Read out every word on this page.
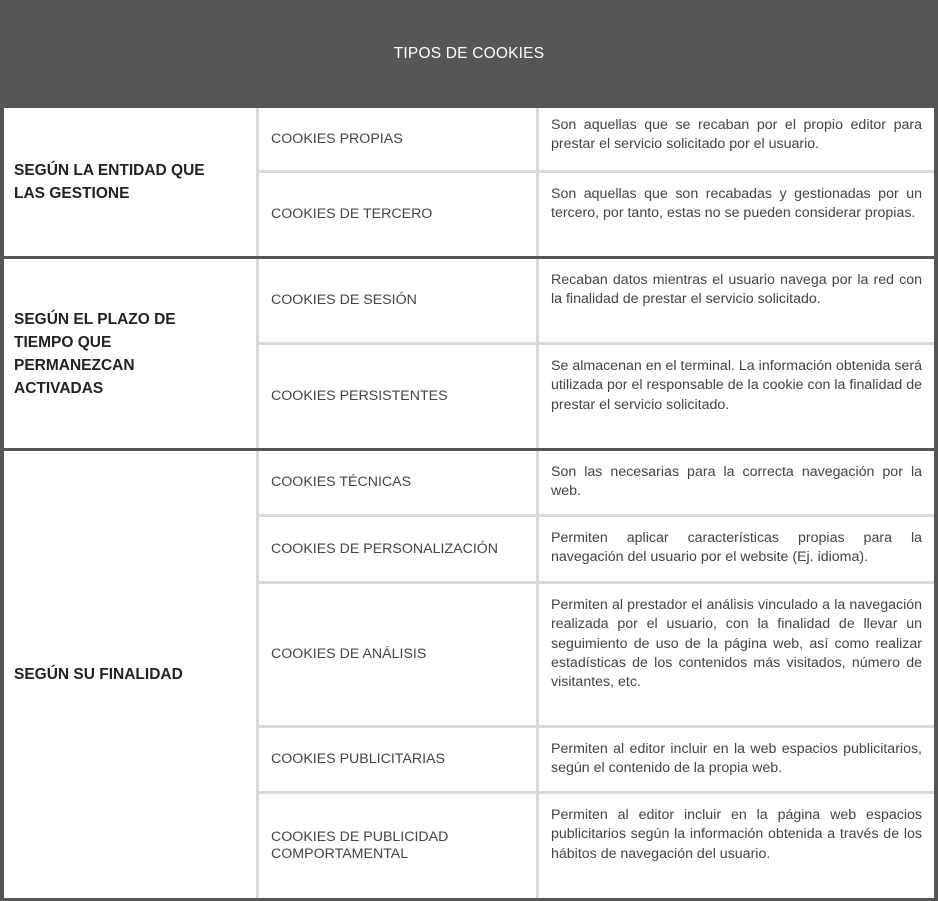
TIPOS DE COOKIES
SEGÚN LA ENTIDAD QUE LAS GESTIONE
COOKIES PROPIAS
Son aquellas que se recaban por el propio editor para prestar el servicio solicitado por el usuario.
COOKIES DE TERCERO
Son aquellas que son recabadas y gestionadas por un tercero, por tanto, estas no se pueden considerar propias.
SEGÚN EL PLAZO DE TIEMPO QUE PERMANEZCAN ACTIVADAS
COOKIES DE SESIÓN
Recaban datos mientras el usuario navega por la red con la finalidad de prestar el servicio solicitado.
COOKIES PERSISTENTES
Se almacenan en el terminal. La información obtenida será utilizada por el responsable de la cookie con la finalidad de prestar el servicio solicitado.
SEGÚN SU FINALIDAD
COOKIES TÉCNICAS
Son las necesarias para la correcta navegación por la web.
COOKIES DE PERSONALIZACIÓN
Permiten aplicar características propias para la navegación del usuario por el website (Ej. idioma).
COOKIES DE ANÁLISIS
Permiten al prestador el análisis vinculado a la navegación realizada por el usuario, con la finalidad de llevar un seguimiento de uso de la página web, así como realizar estadísticas de los contenidos más visitados, número de visitantes, etc.
COOKIES PUBLICITARIAS
Permiten al editor incluir en la web espacios publicitarios, según el contenido de la propia web.
COOKIES DE PUBLICIDAD COMPORTAMENTAL
Permiten al editor incluir en la página web espacios publicitarios según la información obtenida a través de los hábitos de navegación del usuario.
